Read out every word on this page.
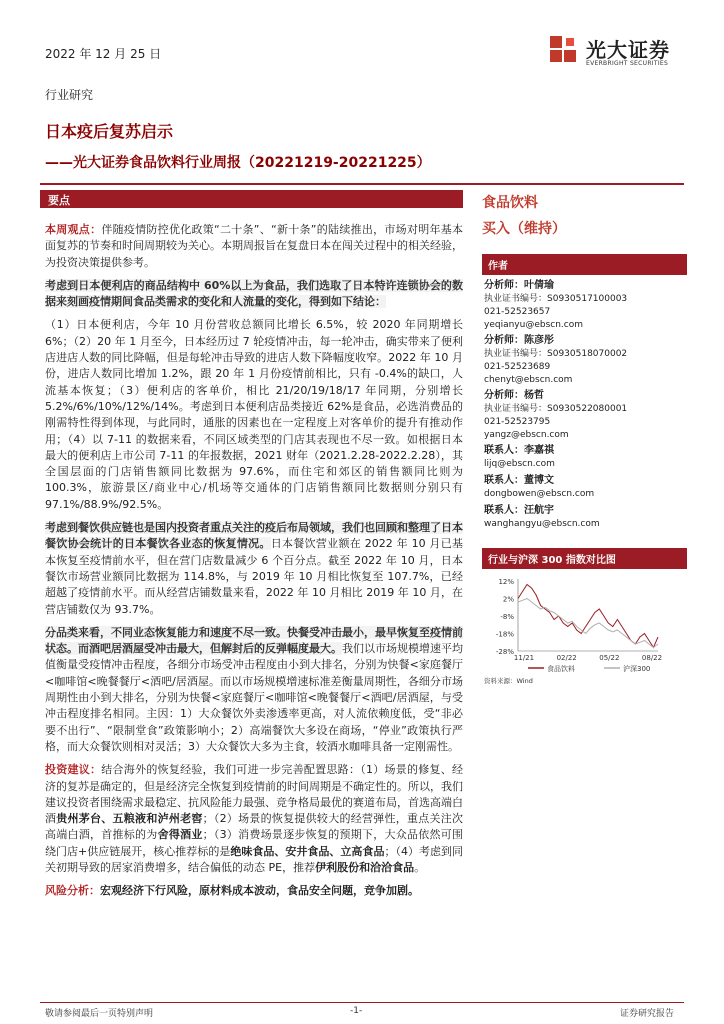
2022 年 12 月 25 日	光大证券
EVERBRIGHT SECURITIES
行业研究
日本疫后复苏启示
——光大证券食品饮料行业周报（20221219-20221225）
要点

本周观点：伴随疫情防控优化政策“二十条”、“新十条”的陆续推出，市场对明年基本面复苏的节奏和时间周期较为关心。本期周报旨在复盘日本在闯关过程中的相关经验，为投资决策提供参考。

考虑到日本便利店的商品结构中 60%以上为食品，我们选取了日本特许连锁协会的数据来刻画疫情期间食品类需求的变化和人流量的变化，得到如下结论：

（1）日本便利店，今年 10 月份营收总额同比增长 6.5%，较 2020 年同期增长 6%；（2）20 年 1 月至今，日本经历过 7 轮疫情冲击，每一轮冲击，确实带来了便利店进店人数的同比降幅，但是每轮冲击导致的进店人数下降幅度收窄。2022 年 10 月份，进店人数同比增加 1.2%，跟 20 年 1 月份疫情前相比，只有 -0.4%的缺口，人流基本恢复；（3）便利店的客单价，相比 21/20/19/18/17 年同期，分别增长 5.2%/6%/10%/12%/14%。考虑到日本便利店品类接近 62%是食品，必选消费品的刚需特性得到体现，与此同时，通胀的因素也在一定程度上对客单价的提升有推动作用；（4）以 7-11 的数据来看，不同区域类型的门店其表现也不尽一致。如根据日本最大的便利店上市公司 7-11 的年报数据，2021 财年（2021.2.28-2022.2.28），其全国层面的门店销售额同比数据为 97.6%，而住宅和郊区的销售额同比则为 100.3%，旅游景区/商业中心/机场等交通体的门店销售额同比数据则分别只有 97.1%/88.9%/92.5%。

考虑到餐饮供应链也是国内投资者重点关注的疫后布局领域，我们也回顾和整理了日本餐饮协会统计的日本餐饮各业态的恢复情况。日本餐饮营业额在 2022 年 10 月已基本恢复至疫情前水平，但在营门店数量减少 6 个百分点。截至 2022 年 10 月，日本餐饮市场营业额同比数据为 114.8%，与 2019 年 10 月相比恢复至 107.7%，已经超越了疫情前水平。而从经营店铺数量来看，2022 年 10 月相比 2019 年 10 月，在营店铺数仅为 93.7%。

分品类来看，不同业态恢复能力和速度不尽一致。快餐受冲击最小，最早恢复至疫情前状态。而酒吧居酒屋受冲击最大，但解封后的反弹幅度最大。我们以市场规模增速平均值衡量受疫情冲击程度，各细分市场受冲击程度由小到大排名，分别为快餐<家庭餐厅<咖啡馆<晚餐餐厅<酒吧/居酒屋。而以市场规模增速标准差衡量周期性，各细分市场周期性由小到大排名，分别为快餐<家庭餐厅<咖啡馆<晚餐餐厅<酒吧/居酒屋，与受冲击程度排名相同。主因：1）大众餐饮外卖渗透率更高，对人流依赖度低，受“非必要不出行”、“限制堂食”政策影响小；2）高端餐饮大多设在商场，“停业”政策执行严格，而大众餐饮则相对灵活；3）大众餐饮大多为主食，较酒水咖啡具备一定刚需性。

投资建议：结合海外的恢复经验，我们可进一步完善配置思路：（1）场景的修复、经济的复苏是确定的，但是经济完全恢复到疫情前的时间周期是不确定性的。所以，我们建议投资者围绕需求最稳定、抗风险能力最强、竞争格局最优的赛道布局，首选高端白酒贵州茅台、五粮液和泸州老窖；（2）场景的恢复提供较大的经营弹性，重点关注次高端白酒，首推标的为舍得酒业；（3）消费场景逐步恢复的预期下，大众品依然可围绕门店+供应链展开，核心推荐标的是绝味食品、安井食品、立高食品；（4）考虑到同关初期导致的居家消费增多，结合偏低的动态 PE，推荐伊利股份和洽洽食品。

风险分析：宏观经济下行风险，原材料成本波动，食品安全问题，竞争加剧。

食品饮料
买入（维持）
作者
分析师：叶倩瑜
执业证书编号：S0930517100003
021-52523657
yeqianyu@ebscn.com
分析师：陈彦彤
执业证书编号：S0930518070002
021-52523689
chenyt@ebscn.com
分析师：杨哲
执业证书编号：S0930522080001
021-52523795
yangz@ebscn.com
联系人：李嘉祺
lijq@ebscn.com
联系人：董博文
dongbowen@ebscn.com
联系人：汪航宇
wanghangyu@ebscn.com
行业与沪深 300 指数对比图
12%
2%
-8%
-18%
-28%
11/21	02/22	05/22	08/22
食品饮料	沪深300
资料来源：Wind
敬请参阅最后一页特别声明	-1-	证券研究报告
